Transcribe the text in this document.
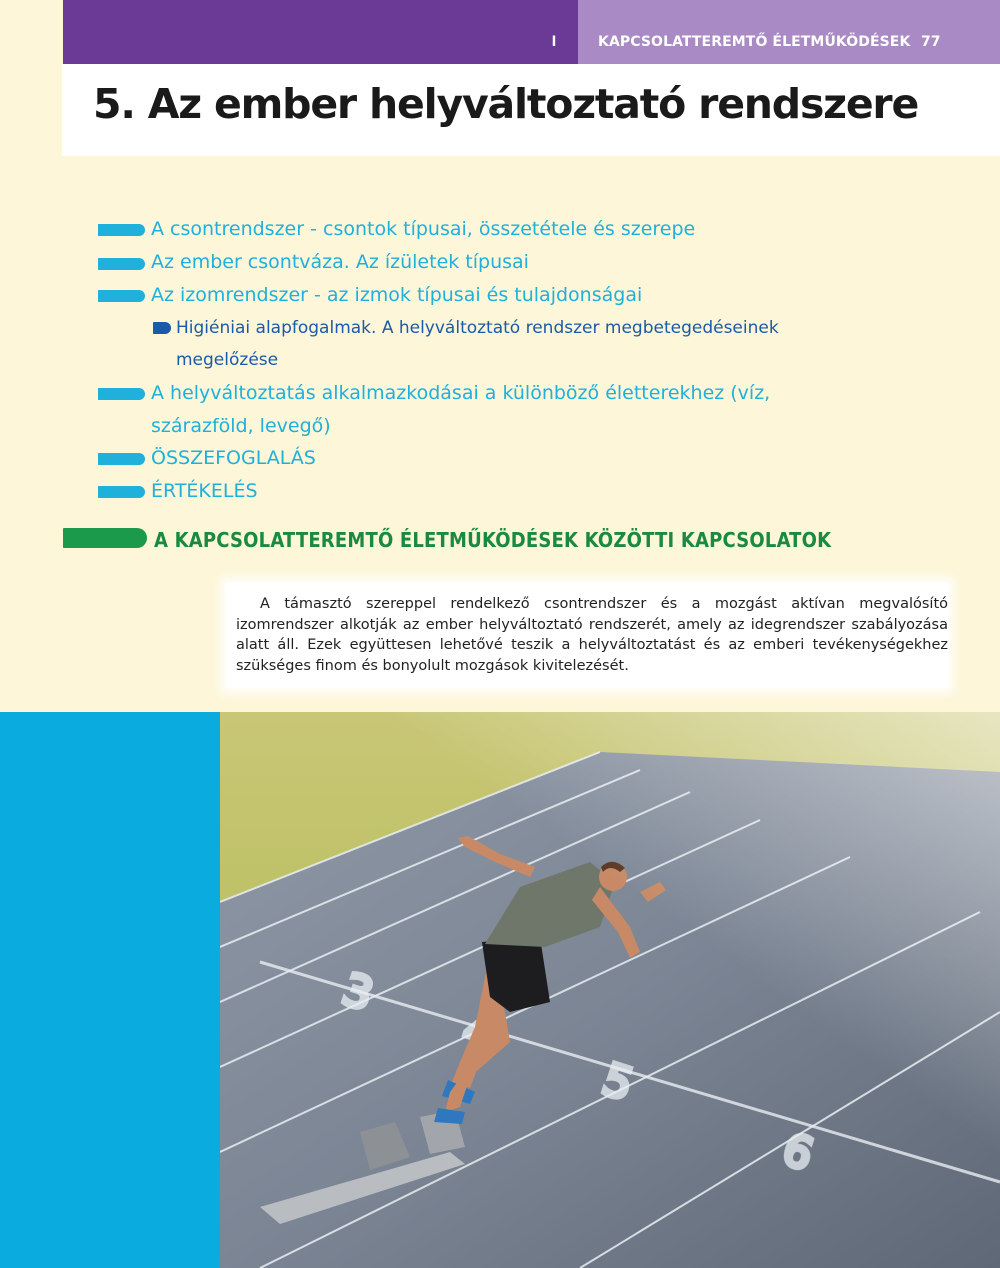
I	KAPCSOLATTEREMTŐ ÉLETMŰKÖDÉSEK 77
5. Az ember helyváltoztató rendszere
A csontrendszer - csontok típusai, összetétele és szerepe
Az ember csontváza. Az ízületek típusai
Az izomrendszer - az izmok típusai és tulajdonságai
Higiéniai alapfogalmak. A helyváltoztató rendszer megbetegedéseinek
megelőzése
A helyváltoztatás alkalmazkodásai a különböző életterekhez (víz,
szárazföld, levegő)
ÖSSZEFOGLALÁS
ÉRTÉKELÉS
A KAPCSOLATTEREMTŐ ÉLETMŰKÖDÉSEK KÖZÖTTI KAPCSOLATOK

A támasztó szereppel rendelkező csontrendszer és a mozgást aktívan megvalósító izomrendszer alkotják az ember helyváltoztató rendszerét, amely az idegrendszer szabályozása alatt áll. Ezek együttesen lehetővé teszik a helyváltoztatást és az emberi tevékenységekhez szükséges finom és bonyolult mozgások kivitelezését.
